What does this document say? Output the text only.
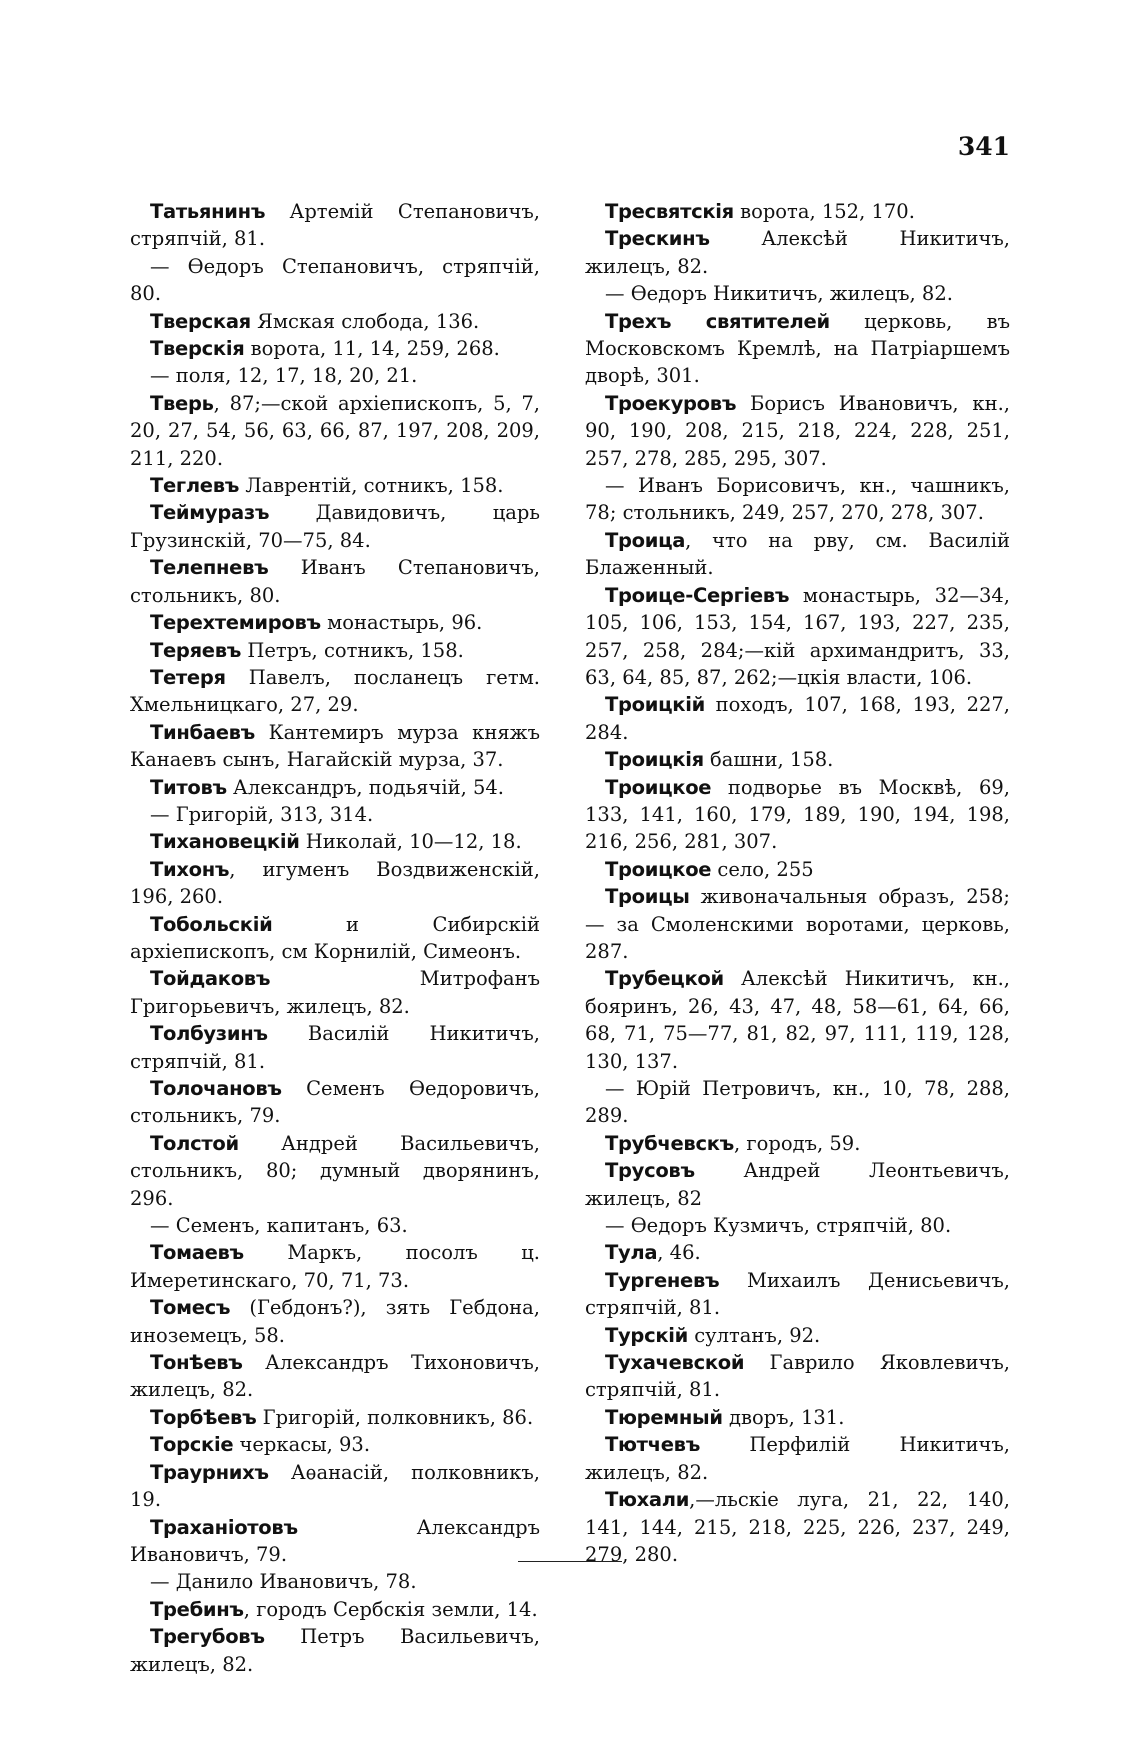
341

Татьянинъ Артемій Степановичъ, стряпчій, 81.

— Ѳедоръ Степановичъ, стряпчій, 80.

Тверская Ямская слобода, 136.

Тверскія ворота, 11, 14, 259, 268.

— поля, 12, 17, 18, 20, 21.

Тверь, 87;—ской архіепископъ, 5, 7, 20, 27, 54, 56, 63, 66, 87, 197, 208, 209, 211, 220.

Теглевъ Лаврентій, сотникъ, 158.

Теймуразъ Давидовичъ, царь Грузинскій, 70—75, 84.

Телепневъ Иванъ Степановичъ, стольникъ, 80.

Терехтемировъ монастырь, 96.

Теряевъ Петръ, сотникъ, 158.

Тетеря Павелъ, посланецъ гетм. Хмельницкаго, 27, 29.

Тинбаевъ Кантемиръ мурза княжъ Канаевъ сынъ, Нагайскій мурза, 37.

Титовъ Александръ, подьячій, 54.

— Григорій, 313, 314.

Тихановецкій Николай, 10—12, 18.

Тихонъ, игуменъ Воздвиженскій, 196, 260.

Тобольскій и Сибирскій архіепископъ, см Корнилій, Симеонъ.

Тойдаковъ Митрофанъ Григорьевичъ, жилецъ, 82.

Толбузинъ Василій Никитичъ, стряпчій, 81.

Толочановъ Семенъ Ѳедоровичъ, стольникъ, 79.

Толстой Андрей Васильевичъ, стольникъ, 80; думный дворянинъ, 296.

— Семенъ, капитанъ, 63.

Томаевъ Маркъ, посолъ ц. Имеретинскаго, 70, 71, 73.

Томесъ (Гебдонъ?), зять Гебдона, иноземецъ, 58.

Тонѣевъ Александръ Тихоновичъ, жилецъ, 82.

Торбѣевъ Григорій, полковникъ, 86.

Торскіе черкасы, 93.

Траурнихъ Аѳанасій, полковникъ, 19.

Траханіотовъ Александръ Ивановичъ, 79.

— Данило Ивановичъ, 78.

Требинъ, городъ Сербскія земли, 14.

Трегубовъ Петръ Васильевичъ, жилецъ, 82.

Тресвятскія ворота, 152, 170.

Трескинъ Алексѣй Никитичъ, жилецъ, 82.

— Ѳедоръ Никитичъ, жилецъ, 82.

Трехъ святителей церковь, въ Московскомъ Кремлѣ, на Патріаршемъ дворѣ, 301.

Троекуровъ Борисъ Ивановичъ, кн., 90, 190, 208, 215, 218, 224, 228, 251, 257, 278, 285, 295, 307.

— Иванъ Борисовичъ, кн., чашникъ, 78; стольникъ, 249, 257, 270, 278, 307.

Троица, что на рву, см. Василій Блаженный.

Троице-Сергіевъ монастырь, 32—34, 105, 106, 153, 154, 167, 193, 227, 235, 257, 258, 284;—кій архимандритъ, 33, 63, 64, 85, 87, 262;—цкія власти, 106.

Троицкій походъ, 107, 168, 193, 227, 284.

Троицкія башни, 158.

Троицкое подворье въ Москвѣ, 69, 133, 141, 160, 179, 189, 190, 194, 198, 216, 256, 281, 307.

Троицкое село, 255

Троицы живоначальныя образъ, 258;— за Смоленскими воротами, церковь, 287.

Трубецкой Алексѣй Никитичъ, кн., бояринъ, 26, 43, 47, 48, 58—61, 64, 66, 68, 71, 75—77, 81, 82, 97, 111, 119, 128, 130, 137.

— Юрій Петровичъ, кн., 10, 78, 288, 289.

Трубчевскъ, городъ, 59.

Трусовъ Андрей Леонтьевичъ, жилецъ, 82

— Ѳедоръ Кузмичъ, стряпчій, 80.

Тула, 46.

Тургеневъ Михаилъ Денисьевичъ, стряпчій, 81.

Турскій султанъ, 92.

Тухачевской Гаврило Яковлевичъ, стряпчій, 81.

Тюремный дворъ, 131.

Тютчевъ Перфилій Никитичъ, жилецъ, 82.

Тюхали,—льскіе луга, 21, 22, 140, 141, 144, 215, 218, 225, 226, 237, 249, 279, 280.
